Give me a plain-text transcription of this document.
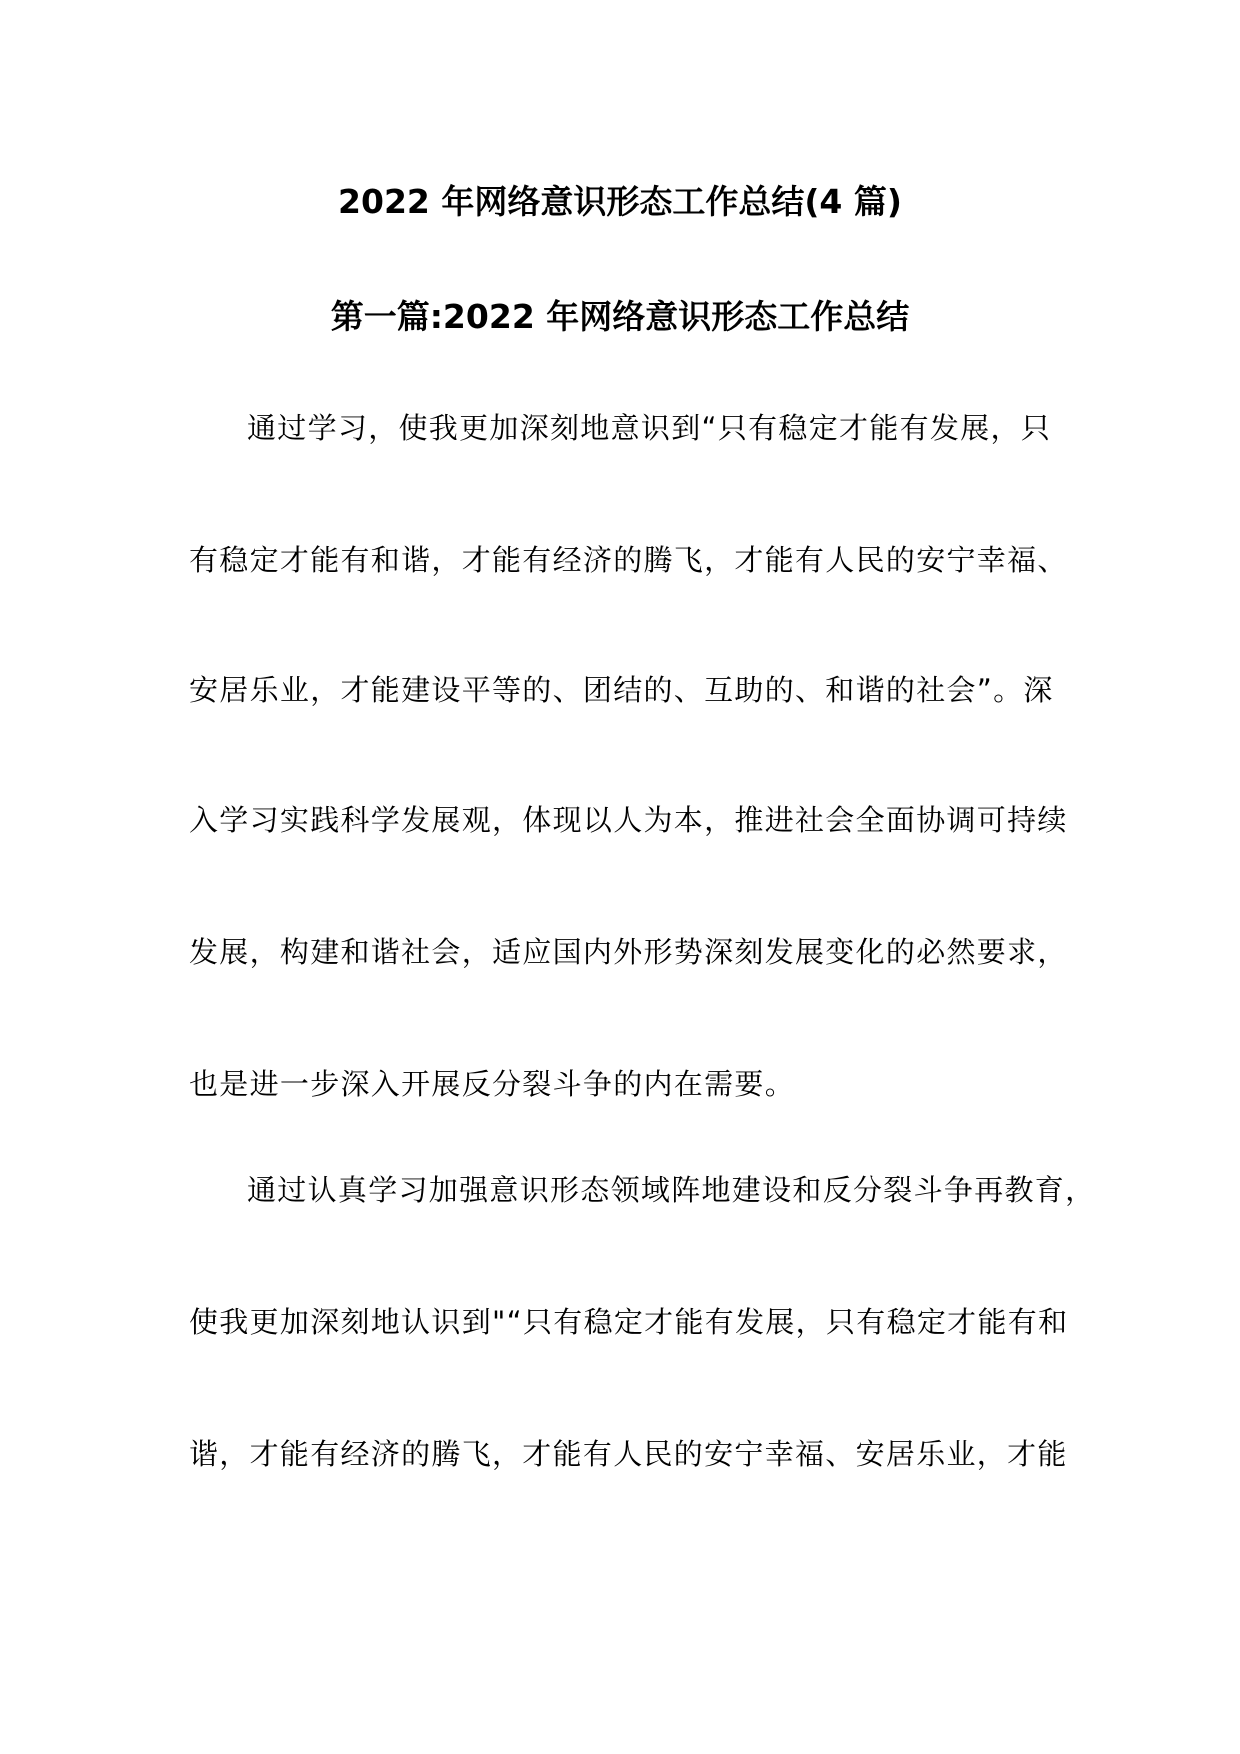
2022 年网络意识形态工作总结(4 篇)
第一篇:2022 年网络意识形态工作总结
通过学习，使我更加深刻地意识到“只有稳定才能有发展，只
有稳定才能有和谐，才能有经济的腾飞，才能有人民的安宁幸福、
安居乐业，才能建设平等的、团结的、互助的、和谐的社会”。深
入学习实践科学发展观，体现以人为本，推进社会全面协调可持续
发展，构建和谐社会，适应国内外形势深刻发展变化的必然要求，
也是进一步深入开展反分裂斗争的内在需要。
通过认真学习加强意识形态领域阵地建设和反分裂斗争再教育，
使我更加深刻地认识到"“只有稳定才能有发展，只有稳定才能有和
谐，才能有经济的腾飞，才能有人民的安宁幸福、安居乐业，才能
